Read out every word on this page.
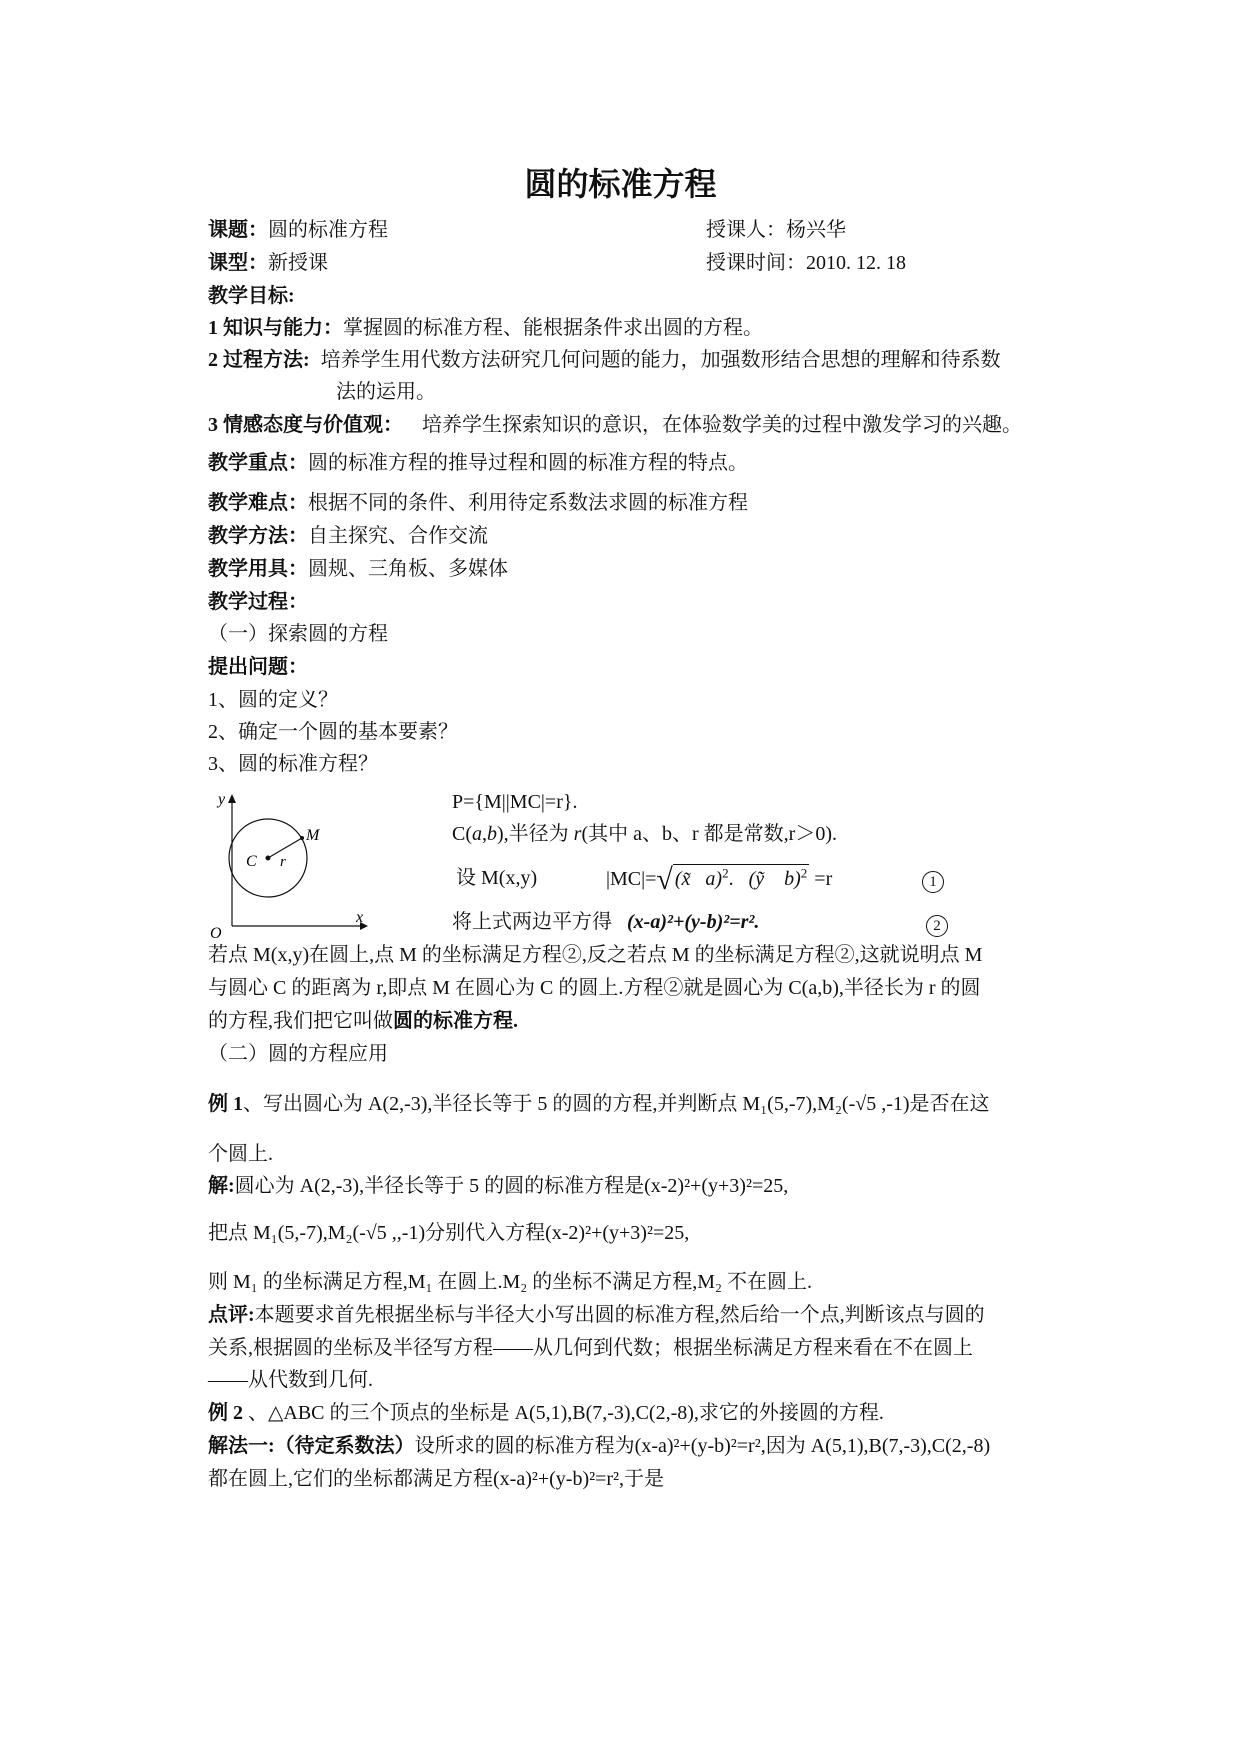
圆的标准方程
课题：圆的标准方程	授课人：杨兴华
课型：新授课	授课时间：2010. 12. 18
教学目标:
1 知识与能力：掌握圆的标准方程、能根据条件求出圆的方程。
2 过程方法: 培养学生用代数方法研究几何问题的能力，加强数形结合思想的理解和待系数
法的运用。
3 情感态度与价值观： 培养学生探索知识的意识，在体验数学美的过程中激发学习的兴趣。
教学重点：圆的标准方程的推导过程和圆的标准方程的特点。
教学难点：根据不同的条件、利用待定系数法求圆的标准方程
教学方法：自主探究、合作交流
教学用具：圆规、三角板、多媒体
教学过程：
（一）探索圆的方程
提出问题：
1、圆的定义？
2、确定一个圆的基本要素？
3、圆的标准方程？
y
x
O
C r
M
P={M||MC|=r}.
C(a,b),半径为 r(其中 a、b、r 都是常数,r＞0).
设 M(x,y)	|MC|=√ (x̃   a)$^2$.   (ỹ    b)$^2$ =r	1
将上式两边平方得 (x-a)²+(y-b)²=r².	2
若点 M(x,y)在圆上,点 M 的坐标满足方程②,反之若点 M 的坐标满足方程②,这就说明点 M
与圆心 C 的距离为 r,即点 M 在圆心为 C 的圆上.方程②就是圆心为 C(a,b),半径长为 r 的圆
的方程,我们把它叫做圆的标准方程.
（二）圆的方程应用
例 1、写出圆心为 A(2,-3),半径长等于 5 的圆的方程,并判断点 M₁(5,-7),M₂(-√5 ,-1)是否在这
个圆上.
解:圆心为 A(2,-3),半径长等于 5 的圆的标准方程是(x-2)²+(y+3)²=25,
把点 M₁(5,-7),M₂(-√5 ,,-1)分别代入方程(x-2)²+(y+3)²=25,
则 M₁ 的坐标满足方程,M₁ 在圆上.M₂ 的坐标不满足方程,M₂ 不在圆上.
点评:本题要求首先根据坐标与半径大小写出圆的标准方程,然后给一个点,判断该点与圆的
关系,根据圆的坐标及半径写方程——从几何到代数；根据坐标满足方程来看在不在圆上
——从代数到几何.
例 2 、△ABC 的三个顶点的坐标是 A(5,1),B(7,-3),C(2,-8),求它的外接圆的方程.
解法一:（待定系数法）设所求的圆的标准方程为(x-a)²+(y-b)²=r²,因为 A(5,1),B(7,-3),C(2,-8)
都在圆上,它们的坐标都满足方程(x-a)²+(y-b)²=r²,于是
